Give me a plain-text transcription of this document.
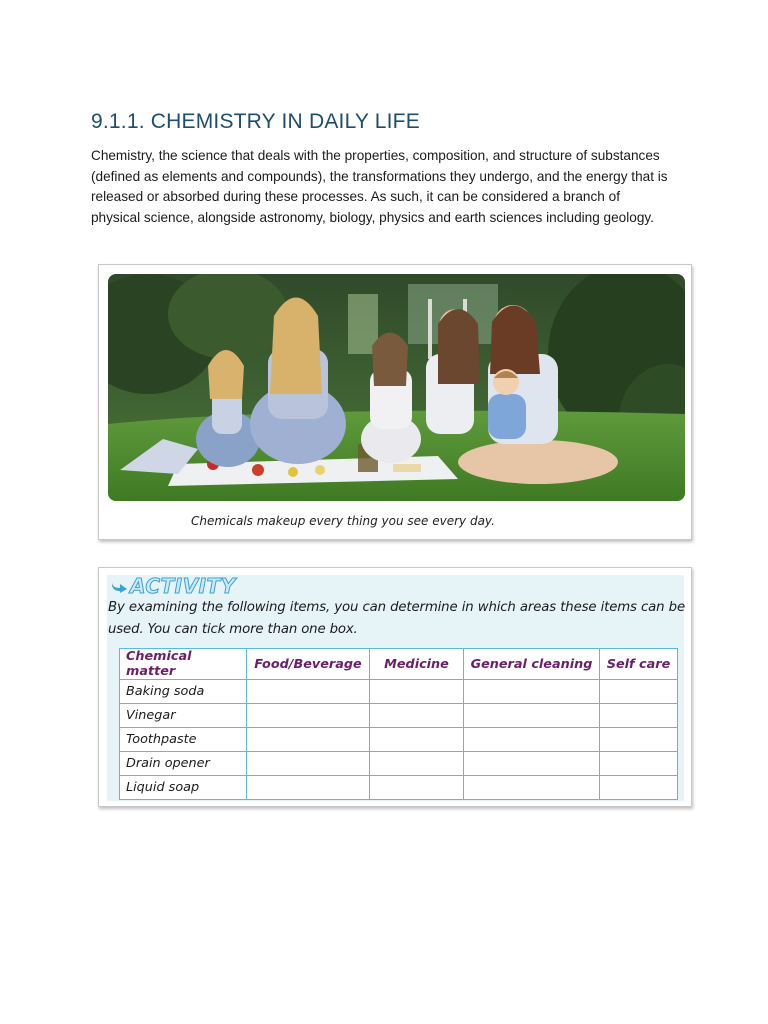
9.1.1. CHEMISTRY IN DAILY LIFE

Chemistry, the science that deals with the properties, composition, and structure of substances (defined as elements and compounds), the transformations they undergo, and the energy that is released or absorbed during these processes. As such, it can be considered a branch of physical science, alongside astronomy, biology, physics and earth sciences including geology.

Chemicals makeup every thing you see every day.
ACTIVITY

By examining the following items, you can determine in which areas these items can be used. You can tick more than one box.

Chemical matter	Food/Beverage	Medicine	General cleaning	Self care
Baking soda				
Vinegar				
Toothpaste				
Drain opener				
Liquid soap				
